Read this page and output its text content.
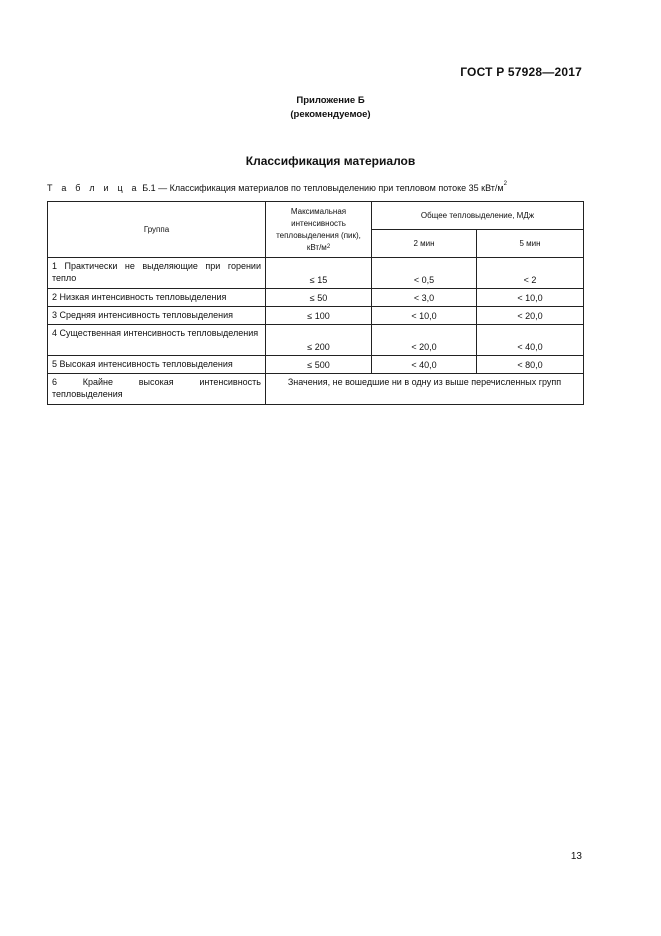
ГОСТ Р 57928—2017
Приложение Б
(рекомендуемое)
Классификация материалов
Т а б л и ц а Б.1 — Классификация материалов по тепловыделению при тепловом потоке 35 кВт/$м^2$
Группа	Максимальная интенсивность тепловыделения (пик), кВт/$м^2$	Общее тепловыделение, МДж	
		2 мин	5 мин

1 Практически не выделяющие при горении тепло	≤ 15	< 0,5	< 2
2 Низкая интенсивность тепловыделения	≤ 50	< 3,0	< 10,0
3 Средняя интенсивность тепловыделения	≤ 100	< 10,0	< 20,0

4 Существенная интенсивность тепловыделения	≤ 200	< 20,0	< 40,0
5 Высокая интенсивность тепловыделения	≤ 500	< 40,0	< 80,0

6 Крайне высокая интенсивность тепловыделения	Значения, не вошедшие ни в одну из выше перечисленных групп		
13
